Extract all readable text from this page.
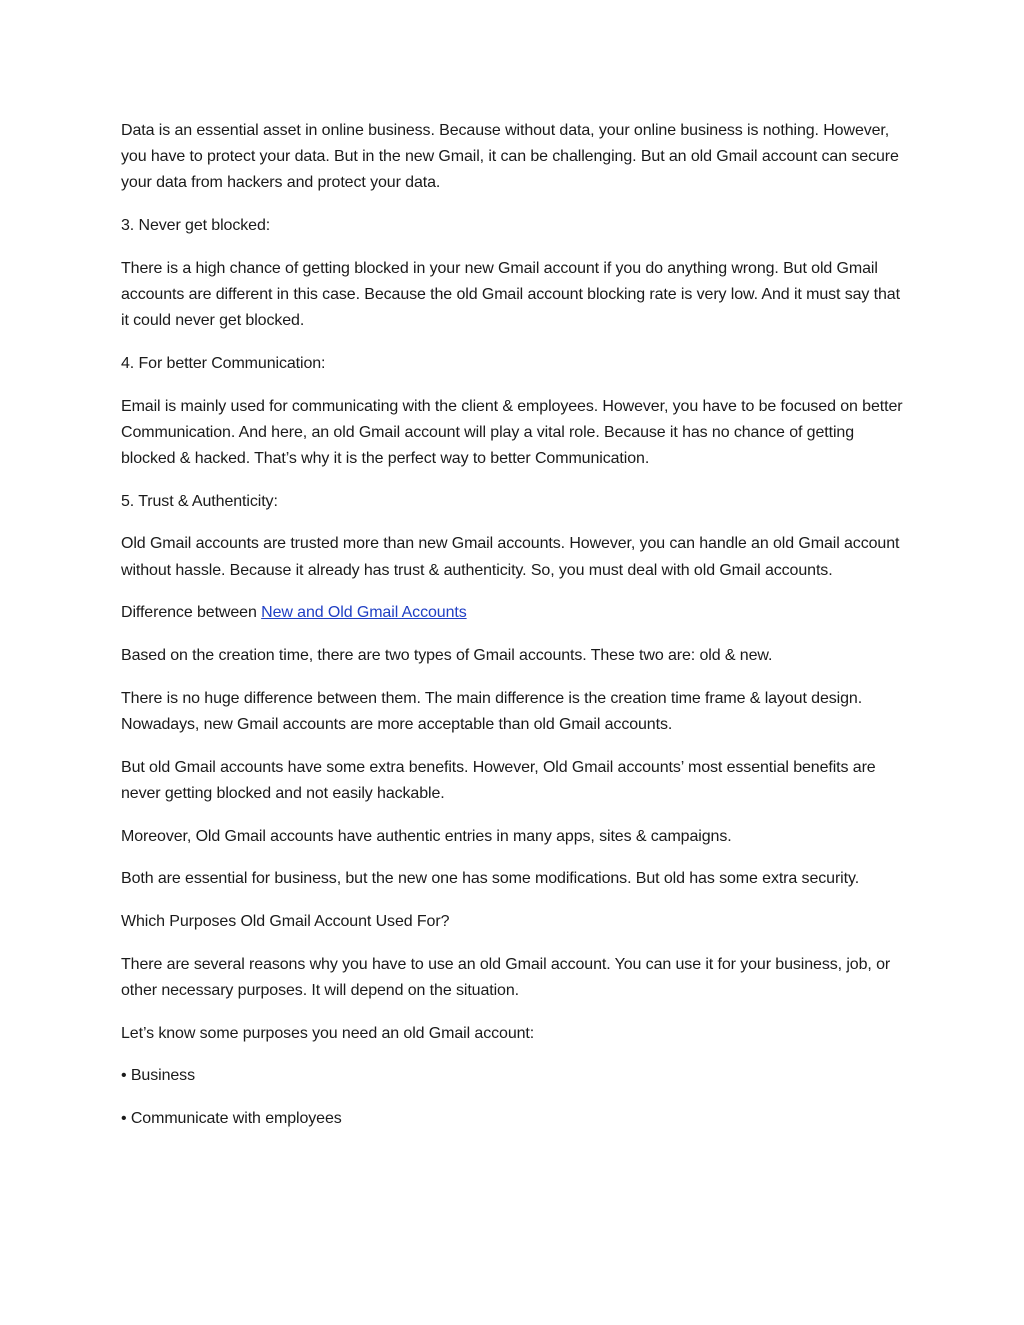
Data is an essential asset in online business. Because without data, your online business is nothing. However, you have to protect your data. But in the new Gmail, it can be challenging. But an old Gmail account can secure your data from hackers and protect your data.

3. Never get blocked:

There is a high chance of getting blocked in your new Gmail account if you do anything wrong. But old Gmail accounts are different in this case. Because the old Gmail account blocking rate is very low. And it must say that it could never get blocked.

4. For better Communication:

Email is mainly used for communicating with the client & employees. However, you have to be focused on better Communication. And here, an old Gmail account will play a vital role. Because it has no chance of getting blocked & hacked. That’s why it is the perfect way to better Communication.

5. Trust & Authenticity:

Old Gmail accounts are trusted more than new Gmail accounts. However, you can handle an old Gmail account without hassle. Because it already has trust & authenticity. So, you must deal with old Gmail accounts.

Difference between New and Old Gmail Accounts

Based on the creation time, there are two types of Gmail accounts. These two are: old & new.

There is no huge difference between them. The main difference is the creation time frame & layout design. Nowadays, new Gmail accounts are more acceptable than old Gmail accounts.

But old Gmail accounts have some extra benefits. However, Old Gmail accounts’ most essential benefits are never getting blocked and not easily hackable.

Moreover, Old Gmail accounts have authentic entries in many apps, sites & campaigns.

Both are essential for business, but the new one has some modifications. But old has some extra security.

Which Purposes Old Gmail Account Used For?

There are several reasons why you have to use an old Gmail account. You can use it for your business, job, or other necessary purposes. It will depend on the situation.

Let’s know some purposes you need an old Gmail account:

• Business

• Communicate with employees
